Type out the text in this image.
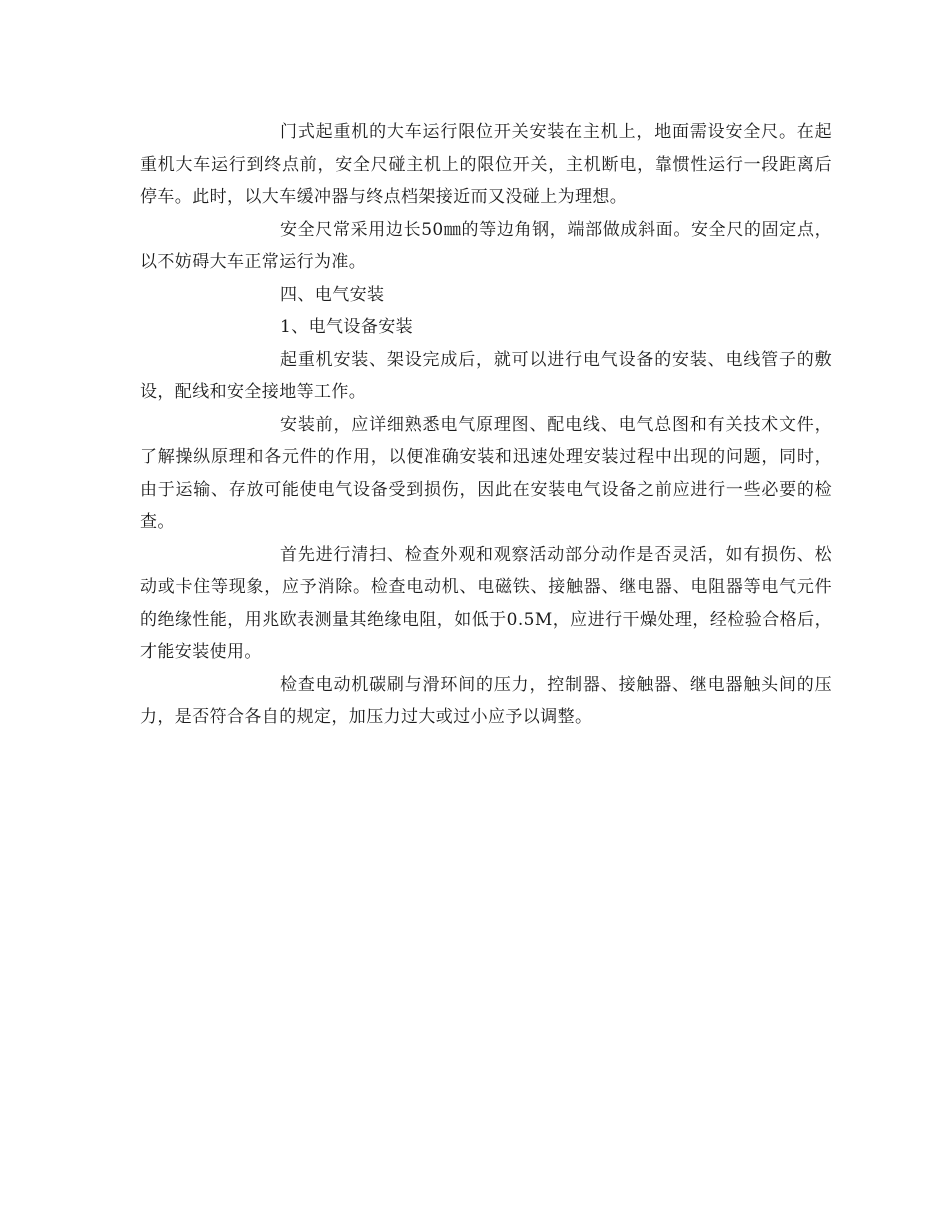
门式起重机的大车运行限位开关安装在主机上，地面需设安全尺。在起重机大车运行到终点前，安全尺碰主机上的限位开关，主机断电，靠惯性运行一段距离后停车。此时，以大车缓冲器与终点档架接近而又没碰上为理想。

安全尺常采用边长50㎜的等边角钢，端部做成斜面。安全尺的固定点，以不妨碍大车正常运行为准。

四、电气安装

1、电气设备安装

起重机安装、架设完成后，就可以进行电气设备的安装、电线管子的敷设，配线和安全接地等工作。

安装前，应详细熟悉电气原理图、配电线、电气总图和有关技术文件，了解操纵原理和各元件的作用，以便准确安装和迅速处理安装过程中出现的问题，同时，由于运输、存放可能使电气设备受到损伤，因此在安装电气设备之前应进行一些必要的检查。

首先进行清扫、检查外观和观察活动部分动作是否灵活，如有损伤、松动或卡住等现象，应予消除。检查电动机、电磁铁、接触器、继电器、电阻器等电气元件的绝缘性能，用兆欧表测量其绝缘电阻，如低于0.5M，应进行干燥处理，经检验合格后，才能安装使用。

检查电动机碳刷与滑环间的压力，控制器、接触器、继电器触头间的压力，是否符合各自的规定，加压力过大或过小应予以调整。
